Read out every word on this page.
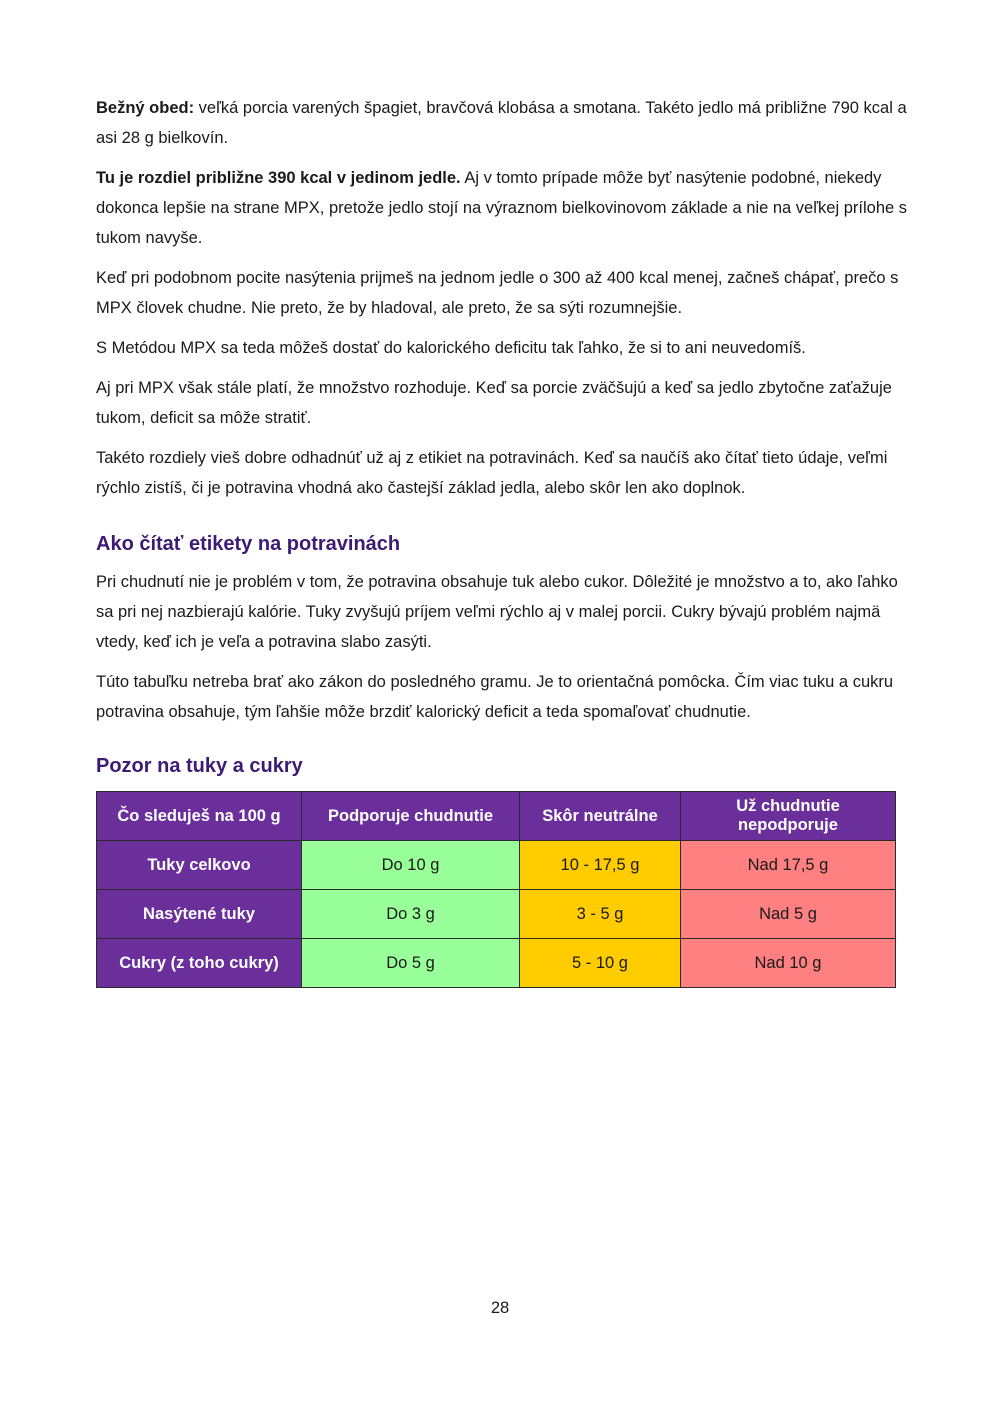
Bežný obed: veľká porcia varených špagiet, bravčová klobása a smotana. Takéto jedlo má približne 790 kcal a asi 28 g bielkovín.

Tu je rozdiel približne 390 kcal v jedinom jedle. Aj v tomto prípade môže byť nasýtenie podobné, niekedy dokonca lepšie na strane MPX, pretože jedlo stojí na výraznom bielkovinovom základe a nie na veľkej prílohe s tukom navyše.

Keď pri podobnom pocite nasýtenia prijmeš na jednom jedle o 300 až 400 kcal menej, začneš chápať, prečo s MPX človek chudne. Nie preto, že by hladoval, ale preto, že sa sýti rozumnejšie.

S Metódou MPX sa teda môžeš dostať do kalorického deficitu tak ľahko, že si to ani neuvedomíš.

Aj pri MPX však stále platí, že množstvo rozhoduje. Keď sa porcie zväčšujú a keď sa jedlo zbytočne zaťažuje tukom, deficit sa môže stratiť.

Takéto rozdiely vieš dobre odhadnúť už aj z etikiet na potravinách. Keď sa naučíš ako čítať tieto údaje, veľmi rýchlo zistíš, či je potravina vhodná ako častejší základ jedla, alebo skôr len ako doplnok.

Ako čítať etikety na potravinách

Pri chudnutí nie je problém v tom, že potravina obsahuje tuk alebo cukor. Dôležité je množstvo a to, ako ľahko sa pri nej nazbierajú kalórie. Tuky zvyšujú príjem veľmi rýchlo aj v malej porcii. Cukry bývajú problém najmä vtedy, keď ich je veľa a potravina slabo zasýti.

Túto tabuľku netreba brať ako zákon do posledného gramu. Je to orientačná pomôcka. Čím viac tuku a cukru potravina obsahuje, tým ľahšie môže brzdiť kalorický deficit a teda spomaľovať chudnutie.

Pozor na tuky a cukry
Čo sleduješ na 100 g	Podporuje chudnutie	Skôr neutrálne	Už chudnutie nepodporuje
Tuky celkovo	Do 10 g	10 - 17,5 g	Nad 17,5 g
Nasýtené tuky	Do 3 g	3 - 5 g	Nad 5 g
Cukry (z toho cukry)	Do 5 g	5 - 10 g	Nad 10 g
28
